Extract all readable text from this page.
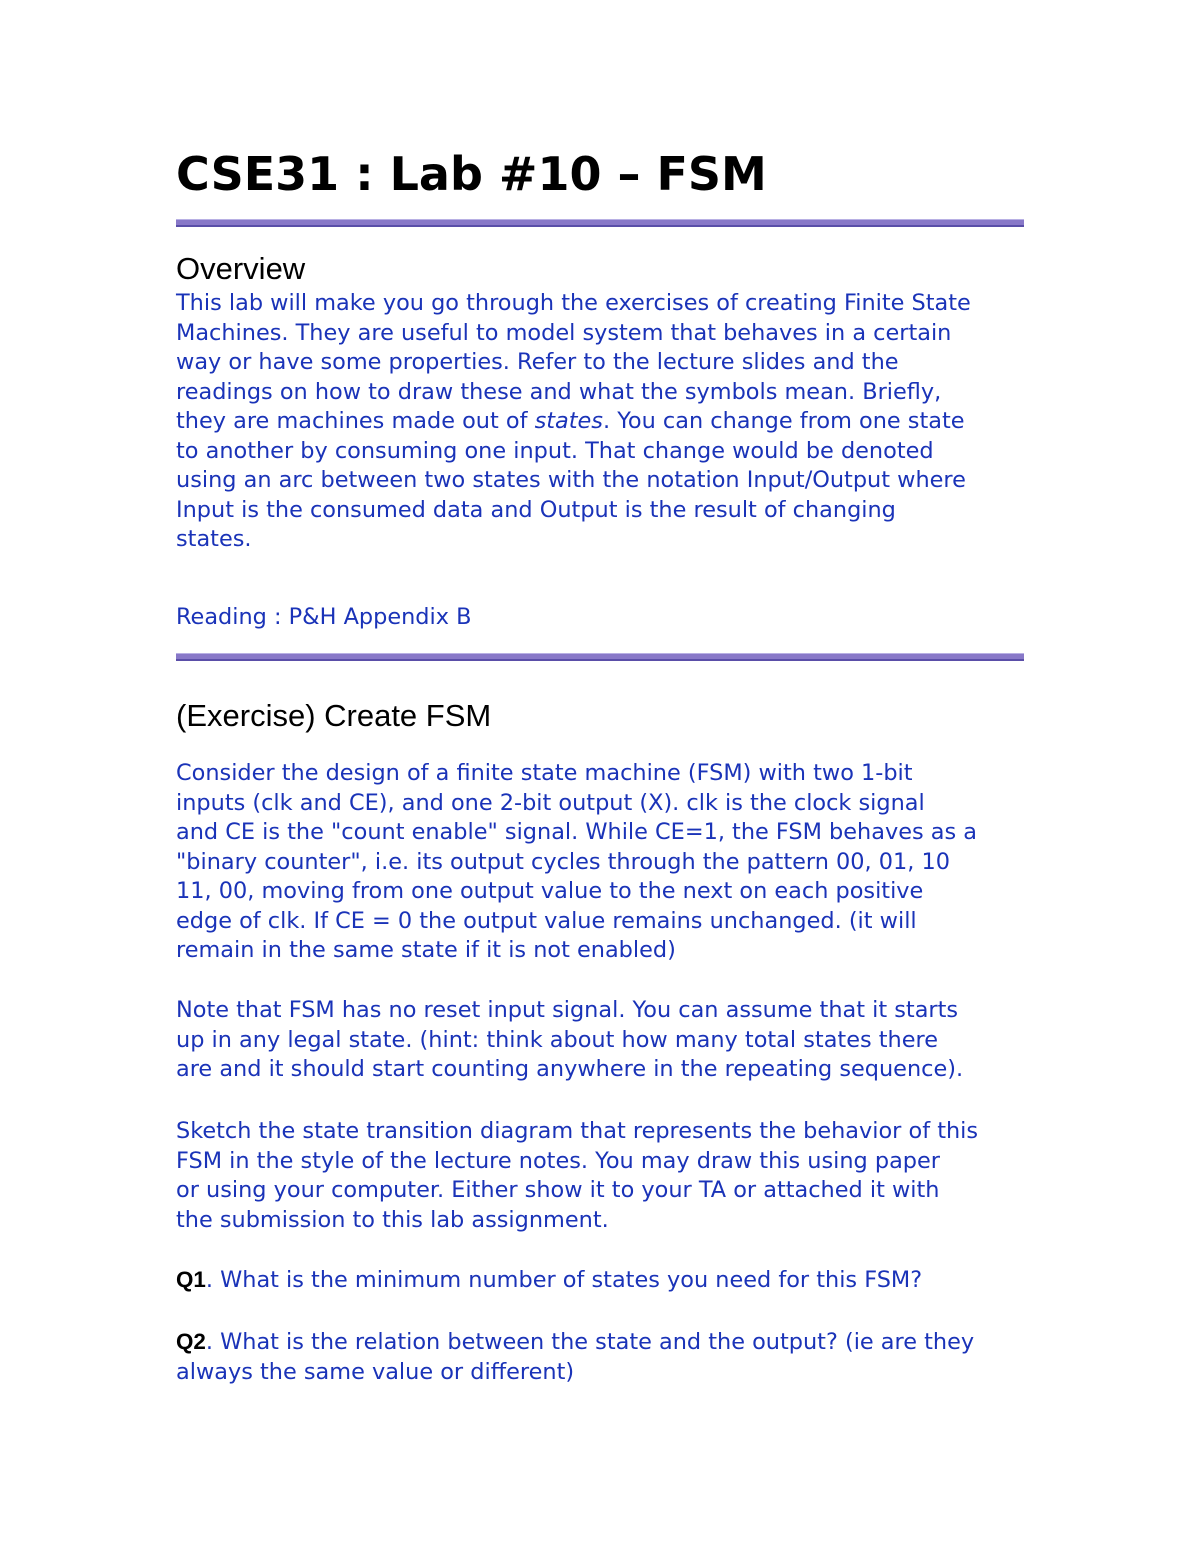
CSE31 : Lab #10 – FSM
Overview

This lab will make you go through the exercises of creating Finite State
Machines. They are useful to model system that behaves in a certain
way or have some properties. Refer to the lecture slides and the
readings on how to draw these and what the symbols mean. Briefly,
they are machines made out of states. You can change from one state
to another by consuming one input. That change would be denoted
using an arc between two states with the notation Input/Output where
Input is the consumed data and Output is the result of changing
states.

Reading : P&H Appendix B

(Exercise) Create FSM

Consider the design of a finite state machine (FSM) with two 1-bit
inputs (clk and CE), and one 2-bit output (X). clk is the clock signal
and CE is the "count enable" signal. While CE=1, the FSM behaves as a
"binary counter", i.e. its output cycles through the pattern 00, 01, 10
11, 00, moving from one output value to the next on each positive
edge of clk. If CE = 0 the output value remains unchanged. (it will
remain in the same state if it is not enabled)

Note that FSM has no reset input signal. You can assume that it starts
up in any legal state. (hint: think about how many total states there
are and it should start counting anywhere in the repeating sequence).

Sketch the state transition diagram that represents the behavior of this
FSM in the style of the lecture notes. You may draw this using paper
or using your computer. Either show it to your TA or attached it with
the submission to this lab assignment.

Q1. What is the minimum number of states you need for this FSM?

Q2. What is the relation between the state and the output? (ie are they
always the same value or different)
